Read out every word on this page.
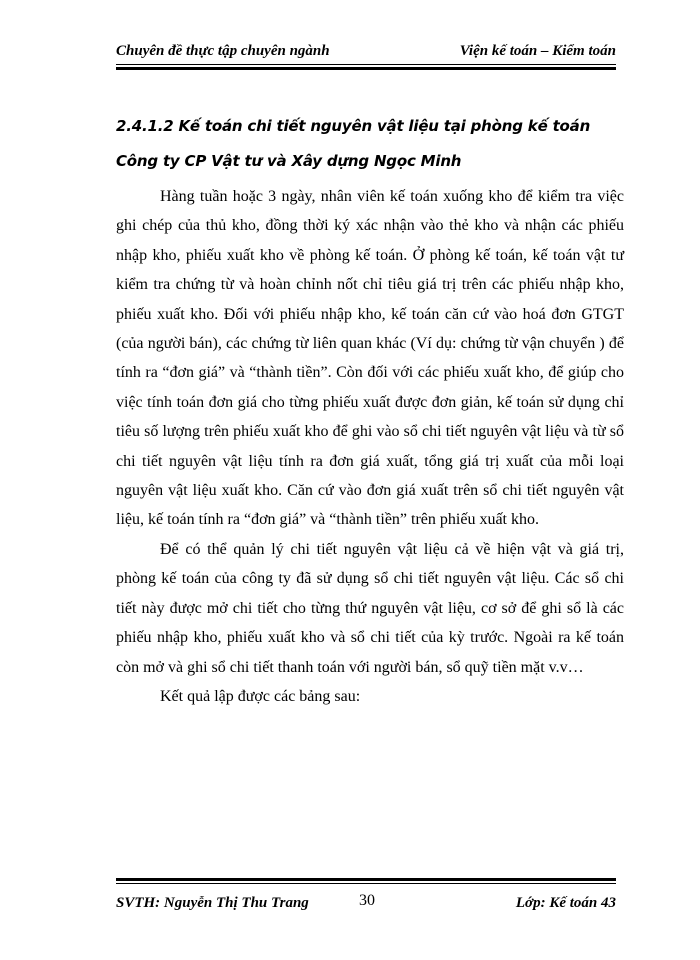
Chuyên đề thực tập chuyên ngành	Viện kế toán – Kiểm toán
2.4.1.2 Kế toán chi tiết nguyên vật liệu tại phòng kế toán Công ty CP Vật tư và Xây dựng Ngọc Minh

Hàng tuần hoặc 3 ngày, nhân viên kế toán xuống kho để kiểm tra việc ghi chép của thủ kho, đồng thời ký xác nhận vào thẻ kho và nhận các phiếu nhập kho, phiếu xuất kho về phòng kế toán. Ở phòng kế toán, kế toán vật tư kiểm tra chứng từ và hoàn chỉnh nốt chỉ tiêu giá trị trên các phiếu nhập kho, phiếu xuất kho. Đối với phiếu nhập kho, kế toán căn cứ vào hoá đơn GTGT (của người bán), các chứng từ liên quan khác (Ví dụ: chứng từ vận chuyển ) để tính ra “đơn giá” và “thành tiền”. Còn đối với các phiếu xuất kho, để giúp cho việc tính toán đơn giá cho từng phiếu xuất được đơn giản, kế toán sử dụng chỉ tiêu số lượng trên phiếu xuất kho để ghi vào sổ chi tiết nguyên vật liệu và từ sổ chi tiết nguyên vật liệu tính ra đơn giá xuất, tổng giá trị xuất của mỗi loại nguyên vật liệu xuất kho. Căn cứ vào đơn giá xuất trên sổ chi tiết nguyên vật liệu, kế toán tính ra “đơn giá” và “thành tiền” trên phiếu xuất kho.

Để có thể quản lý chi tiết nguyên vật liệu cả về hiện vật và giá trị, phòng kế toán của công ty đã sử dụng sổ chi tiết nguyên vật liệu. Các sổ chi tiết này được mở chi tiết cho từng thứ nguyên vật liệu, cơ sở để ghi sổ là các phiếu nhập kho, phiếu xuất kho và sổ chi tiết của kỳ trước. Ngoài ra kế toán còn mở và ghi sổ chi tiết thanh toán với người bán, sổ quỹ tiền mặt v.v…

Kết quả lập được các bảng sau:

SVTH: Nguyễn Thị Thu Trang	30	Lớp: Kế toán 43
